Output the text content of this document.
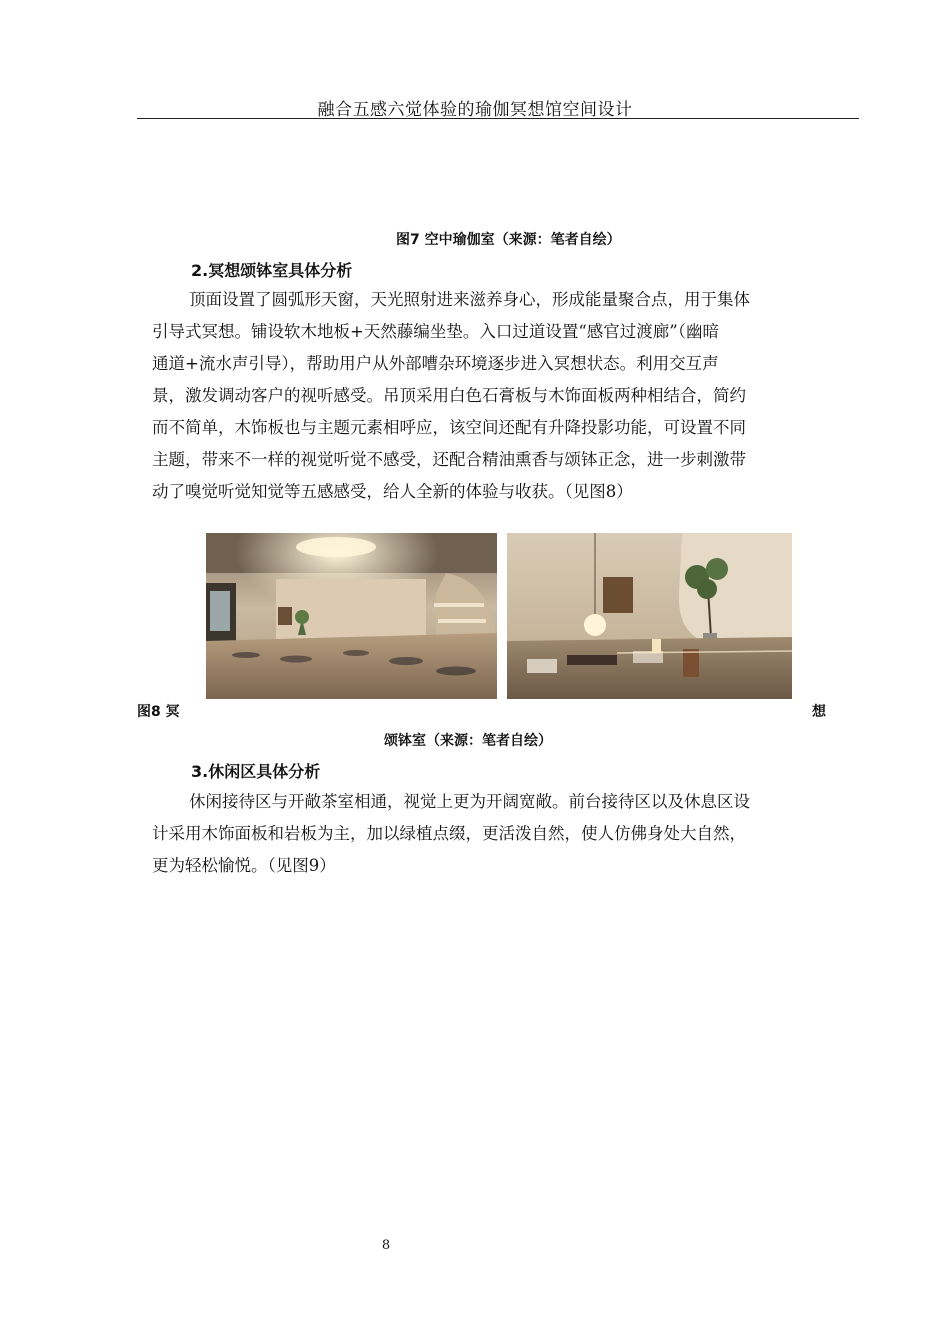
融合五感六觉体验的瑜伽冥想馆空间设计
图7 空中瑜伽室（来源：笔者自绘）
2.冥想颂钵室具体分析
顶面设置了圆弧形天窗，天光照射进来滋养身心，形成能量聚合点，用于集体
引导式冥想。铺设软木地板+天然藤编坐垫。入口过道设置“感官过渡廊”（幽暗
通道+流水声引导），帮助用户从外部嘈杂环境逐步进入冥想状态。利用交互声
景，激发调动客户的视听感受。吊顶采用白色石膏板与木饰面板两种相结合，简约
而不简单，木饰板也与主题元素相呼应，该空间还配有升降投影功能，可设置不同
主题，带来不一样的视觉听觉不感受，还配合精油熏香与颂钵正念，进一步刺激带
动了嗅觉听觉知觉等五感感受，给人全新的体验与收获。（见图8）
图8 冥	想
颂钵室（来源：笔者自绘）
3.休闲区具体分析
休闲接待区与开敞茶室相通，视觉上更为开阔宽敞。前台接待区以及休息区设
计采用木饰面板和岩板为主，加以绿植点缀，更活泼自然，使人仿佛身处大自然，
更为轻松愉悦。（见图9）
8
